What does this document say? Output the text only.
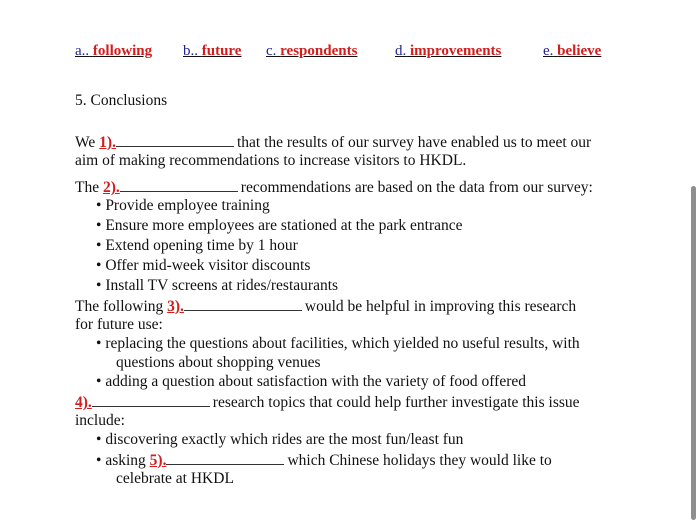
a.. following b.. future c. respondents	d. improvements	e. believe
5. Conclusions
We 1).	that the results of our survey have enabled us to meet our
aim of making recommendations to increase visitors to HKDL.
The 2).	recommendations are based on the data from our survey:
• Provide employee training
• Ensure more employees are stationed at the park entrance
• Extend opening time by 1 hour
• Offer mid-week visitor discounts
• Install TV screens at rides/restaurants
The following 3).	would be helpful in improving this research
for future use:
• replacing the questions about facilities, which yielded no useful results, with
questions about shopping venues
• adding a question about satisfaction with the variety of food offered
4).	research topics that could help further investigate this issue
include:
• discovering exactly which rides are the most fun/least fun
• asking 5).	which Chinese holidays they would like to
celebrate at HKDL
